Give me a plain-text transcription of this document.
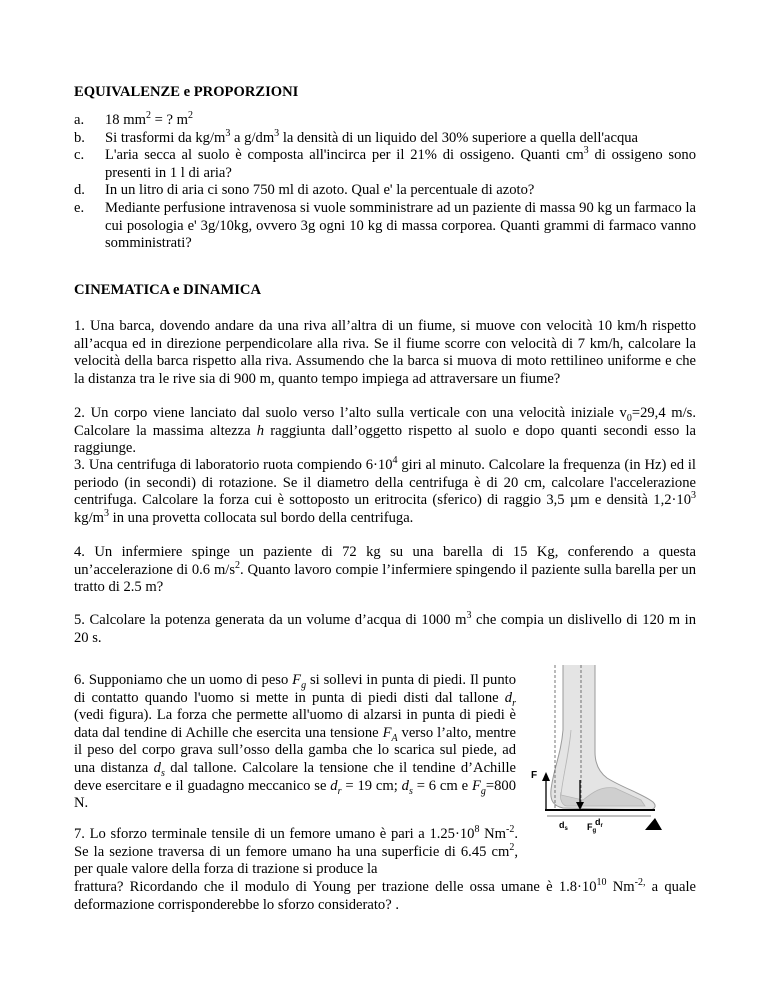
EQUIVALENZE e PROPORZIONI
a. 18 $mm^2$ = ? $m^2$
b. Si trasformi da $kg/m^3$ a $g/dm^3$ la densità di un liquido del 30% superiore a quella dell'acqua
c. L'aria secca al suolo è composta all'incirca per il 21% di ossigeno. Quanti $cm^3$ di ossigeno sono presenti in 1 l di aria?
d. In un litro di aria ci sono 750 ml di azoto. Qual e' la percentuale di azoto?
e. Mediante perfusione intravenosa si vuole somministrare ad un paziente di massa 90 kg un farmaco la cui posologia e' 3g/10kg, ovvero 3g ogni 10 kg di massa corporea. Quanti grammi di farmaco vanno somministrati?
CINEMATICA e DINAMICA

1. Una barca, dovendo andare da una riva all’altra di un fiume, si muove con velocità 10 km/h rispetto all’acqua ed in direzione perpendicolare alla riva. Se il fiume scorre con velocità di 7 km/h, calcolare la velocità della barca rispetto alla riva. Assumendo che la barca si muova di moto rettilineo uniforme e che la distanza tra le rive sia di 900 m, quanto tempo impiega ad attraversare un fiume?

2. Un corpo viene lanciato dal suolo verso l’alto sulla verticale con una velocità iniziale $v_0=29,4$ m/s. Calcolare la massima altezza h raggiunta dall’oggetto rispetto al suolo e dopo quanti secondi esso la raggiunge.

3. Una centrifuga di laboratorio ruota compiendo $6\cdot 10^4$ giri al minuto. Calcolare la frequenza (in Hz) ed il periodo (in secondi) di rotazione. Se il diametro della centrifuga è di 20 cm, calcolare l'accelerazione centrifuga. Calcolare la forza cui è sottoposto un eritrocita (sferico) di raggio 3,5 µm e densità $1,2\cdot 10^3$ $kg/m^3$ in una provetta collocata sul bordo della centrifuga.

4. Un infermiere spinge un paziente di 72 kg su una barella di 15 Kg, conferendo a questa un’accelerazione di 0.6 $m/s^2$. Quanto lavoro compie l’infermiere spingendo il paziente sulla barella per un tratto di 2.5 m?

5. Calcolare la potenza generata da un volume d’acqua di 1000 $m^3$ che compia un dislivello di 120 m in 20 s.

6. Supponiamo che un uomo di peso $F_g$ si sollevi in punta di piedi. Il punto di contatto quando l'uomo si mette in punta di piedi disti dal tallone $d_r$ (vedi figura). La forza che permette all'uomo di alzarsi in punta di piedi è data dal tendine di Achille che esercita una tensione $F_A$ verso l’alto, mentre il peso del corpo grava sull’osso della gamba che lo scarica sul piede, ad una distanza $d_s$ dal tallone. Calcolare la tensione che il tendine d’Achille deve esercitare e il guadagno meccanico se $d_r = 19$ cm; $d_s = 6$ cm e $F_g=800$ N.

7. Lo sforzo terminale tensile di un femore umano è pari a $1.25\cdot 10^8$ $Nm^{-2}$. Se la sezione traversa di un femore umano ha una superficie di 6.45 $cm^2$, per quale valore della forza di trazione si produce la

frattura? Ricordando che il modulo di Young per trazione delle ossa umane è $1.8\cdot 10^{10}$ $Nm^{-2,}$ a quale deformazione corrisponderebbe lo sforzo considerato? .

F
$d_r$
$d_s$ $F_g$
